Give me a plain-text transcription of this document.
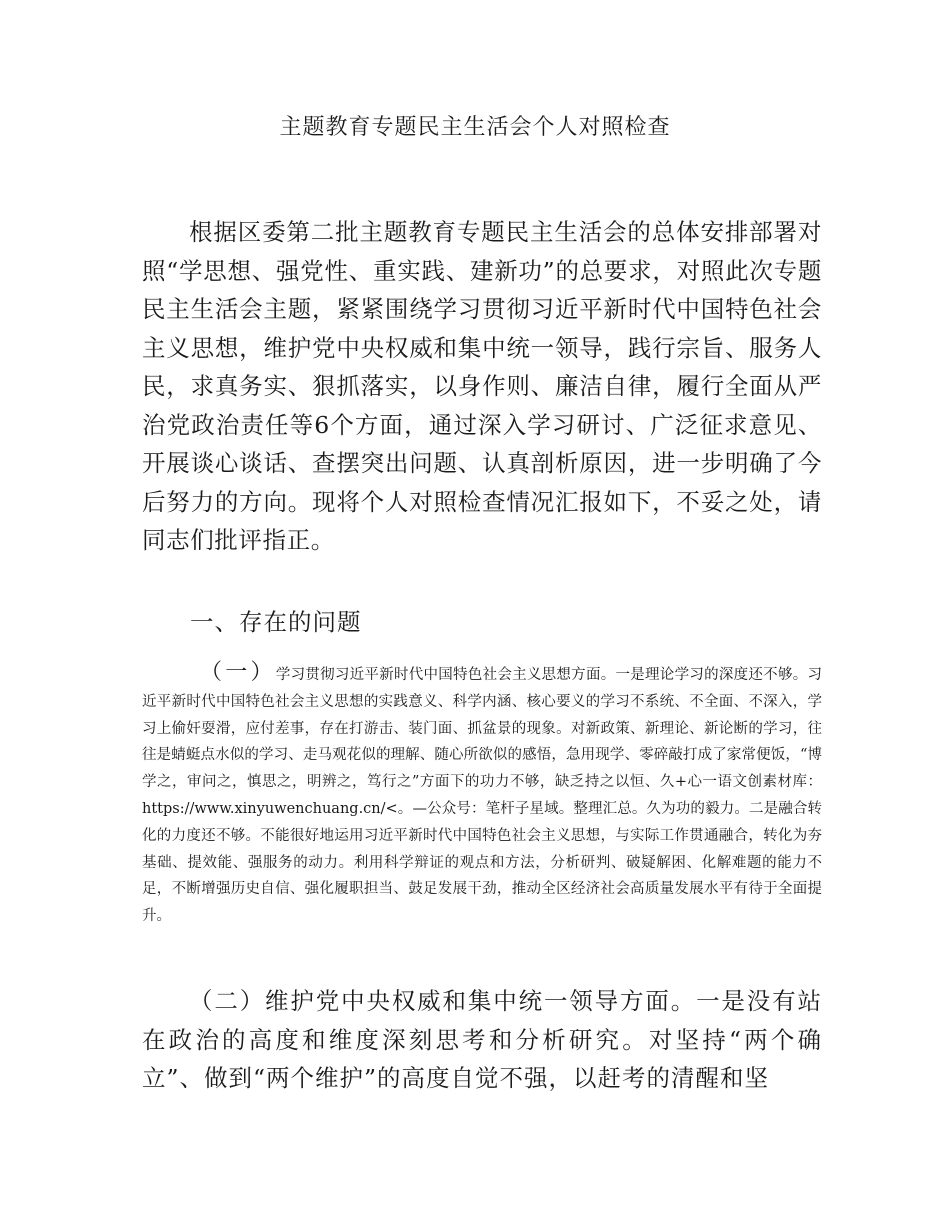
主题教育专题民主生活会个人对照检查

根据区委第二批主题教育专题民主生活会的总体安排部署对照“学思想、强党性、重实践、建新功”的总要求，对照此次专题民主生活会主题，紧紧围绕学习贯彻习近平新时代中国特色社会主义思想，维护党中央权威和集中统一领导，践行宗旨、服务人民，求真务实、狠抓落实，以身作则、廉洁自律，履行全面从严治党政治责任等6个方面，通过深入学习研讨、广泛征求意见、开展谈心谈话、查摆突出问题、认真剖析原因，进一步明确了今后努力的方向。现将个人对照检查情况汇报如下，不妥之处，请同志们批评指正。

一、存在的问题

（一）学习贯彻习近平新时代中国特色社会主义思想方面。一是理论学习的深度还不够。习近平新时代中国特色社会主义思想的实践意义、科学内涵、核心要义的学习不系统、不全面、不深入，学习上偷奸耍滑，应付差事，存在打游击、装门面、抓盆景的现象。对新政策、新理论、新论断的学习，往往是蜻蜓点水似的学习、走马观花似的理解、随心所欲似的感悟，急用现学、零碎敲打成了家常便饭，“博学之，审问之，慎思之，明辨之，笃行之”方面下的功力不够，缺乏持之以恒、久+心一语文创素材库：https://www.xinyuwenchuang.cn/<。—公众号：笔杆子星域。整理汇总。久为功的毅力。二是融合转化的力度还不够。不能很好地运用习近平新时代中国特色社会主义思想，与实际工作贯通融合，转化为夯基础、提效能、强服务的动力。利用科学辩证的观点和方法，分析研判、破疑解困、化解难题的能力不足，不断增强历史自信、强化履职担当、鼓足发展干劲，推动全区经济社会高质量发展水平有待于全面提升。

（二）维护党中央权威和集中统一领导方面。一是没有站在政治的高度和维度深刻思考和分析研究。对坚持“两个确立”、做到“两个维护”的高度自觉不强，以赶考的清醒和坚
